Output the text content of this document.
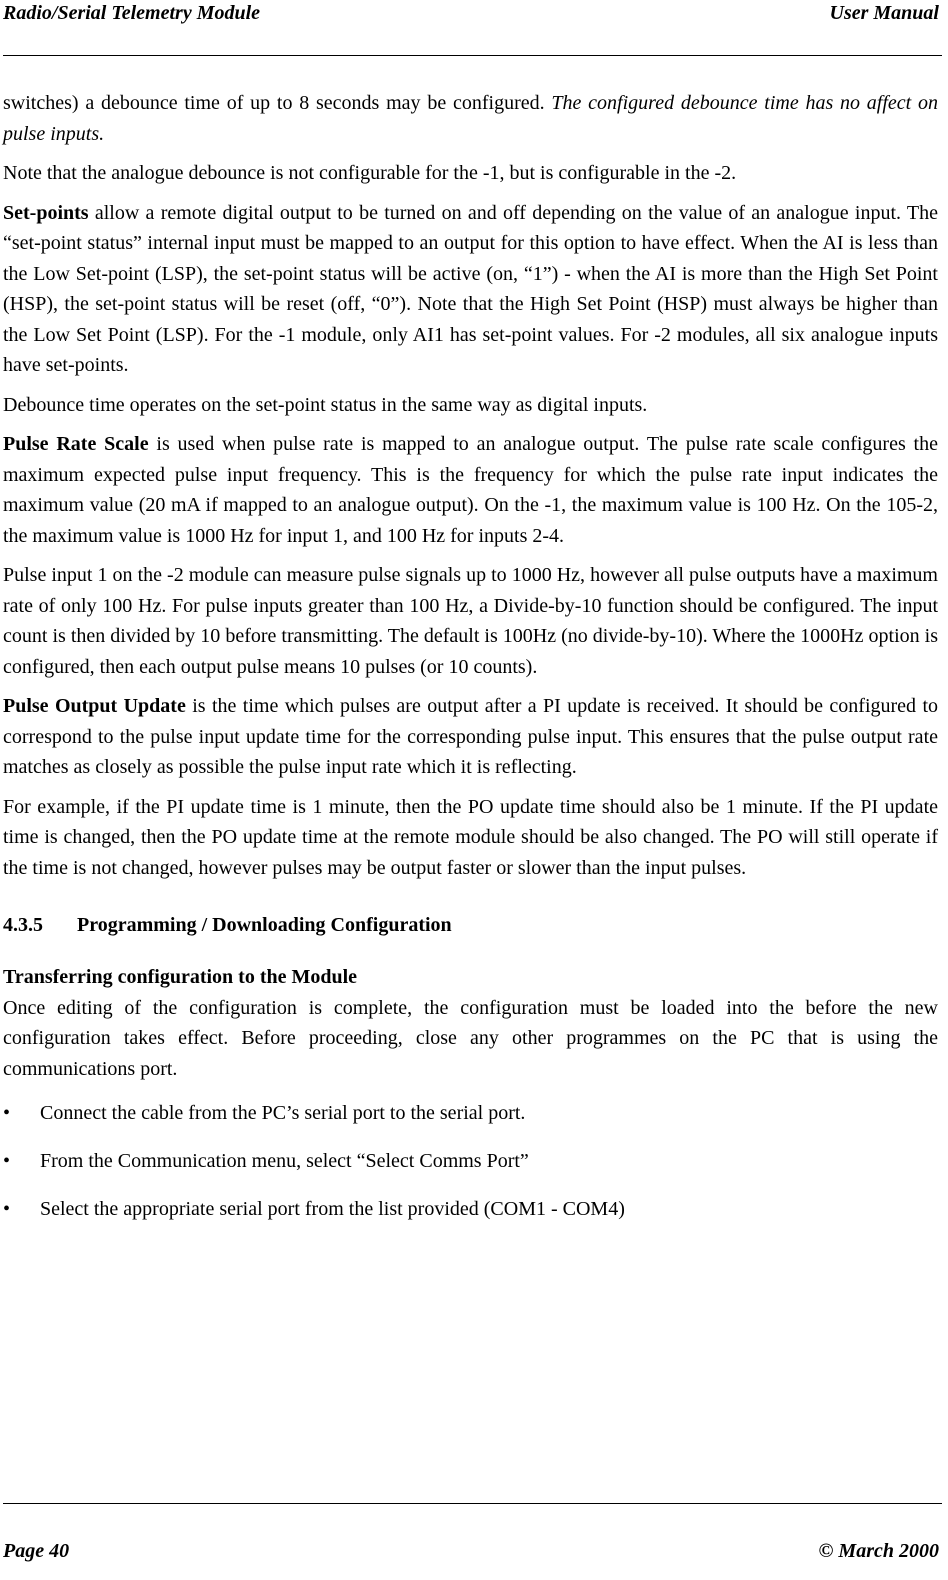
Radio/Serial Telemetry Module	User Manual

switches) a debounce time of up to 8 seconds may be configured. The configured debounce time has no affect on pulse inputs.

Note that the analogue debounce is not configurable for the -1, but is configurable in the -2.

Set-points allow a remote digital output to be turned on and off depending on the value of an analogue input. The “set-point status” internal input must be mapped to an output for this option to have effect. When the AI is less than the Low Set-point (LSP), the set-point status will be active (on, “1”) - when the AI is more than the High Set Point (HSP), the set-point status will be reset (off, “0”). Note that the High Set Point (HSP) must always be higher than the Low Set Point (LSP). For the -1 module, only AI1 has set-point values. For -2 modules, all six analogue inputs have set-points.

Debounce time operates on the set-point status in the same way as digital inputs.

Pulse Rate Scale is used when pulse rate is mapped to an analogue output. The pulse rate scale configures the maximum expected pulse input frequency. This is the frequency for which the pulse rate input indicates the maximum value (20 mA if mapped to an analogue output). On the -1, the maximum value is 100 Hz. On the 105-2, the maximum value is 1000 Hz for input 1, and 100 Hz for inputs 2-4.

Pulse input 1 on the -2 module can measure pulse signals up to 1000 Hz, however all pulse outputs have a maximum rate of only 100 Hz. For pulse inputs greater than 100 Hz, a Divide-by-10 function should be configured. The input count is then divided by 10 before transmitting. The default is 100Hz (no divide-by-10). Where the 1000Hz option is configured, then each output pulse means 10 pulses (or 10 counts).

Pulse Output Update is the time which pulses are output after a PI update is received. It should be configured to correspond to the pulse input update time for the corresponding pulse input. This ensures that the pulse output rate matches as closely as possible the pulse input rate which it is reflecting.

For example, if the PI update time is 1 minute, then the PO update time should also be 1 minute. If the PI update time is changed, then the PO update time at the remote module should be also changed. The PO will still operate if the time is not changed, however pulses may be output faster or slower than the input pulses.

4.3.5 Programming / Downloading Configuration
Transferring configuration to the Module

Once editing of the configuration is complete, the configuration must be loaded into the before the new configuration takes effect. Before proceeding, close any other programmes on the PC that is using the communications port.

• Connect the cable from the PC’s serial port to the serial port.
• From the Communication menu, select “Select Comms Port”
• Select the appropriate serial port from the list provided (COM1 - COM4)
Page 40	© March 2000
